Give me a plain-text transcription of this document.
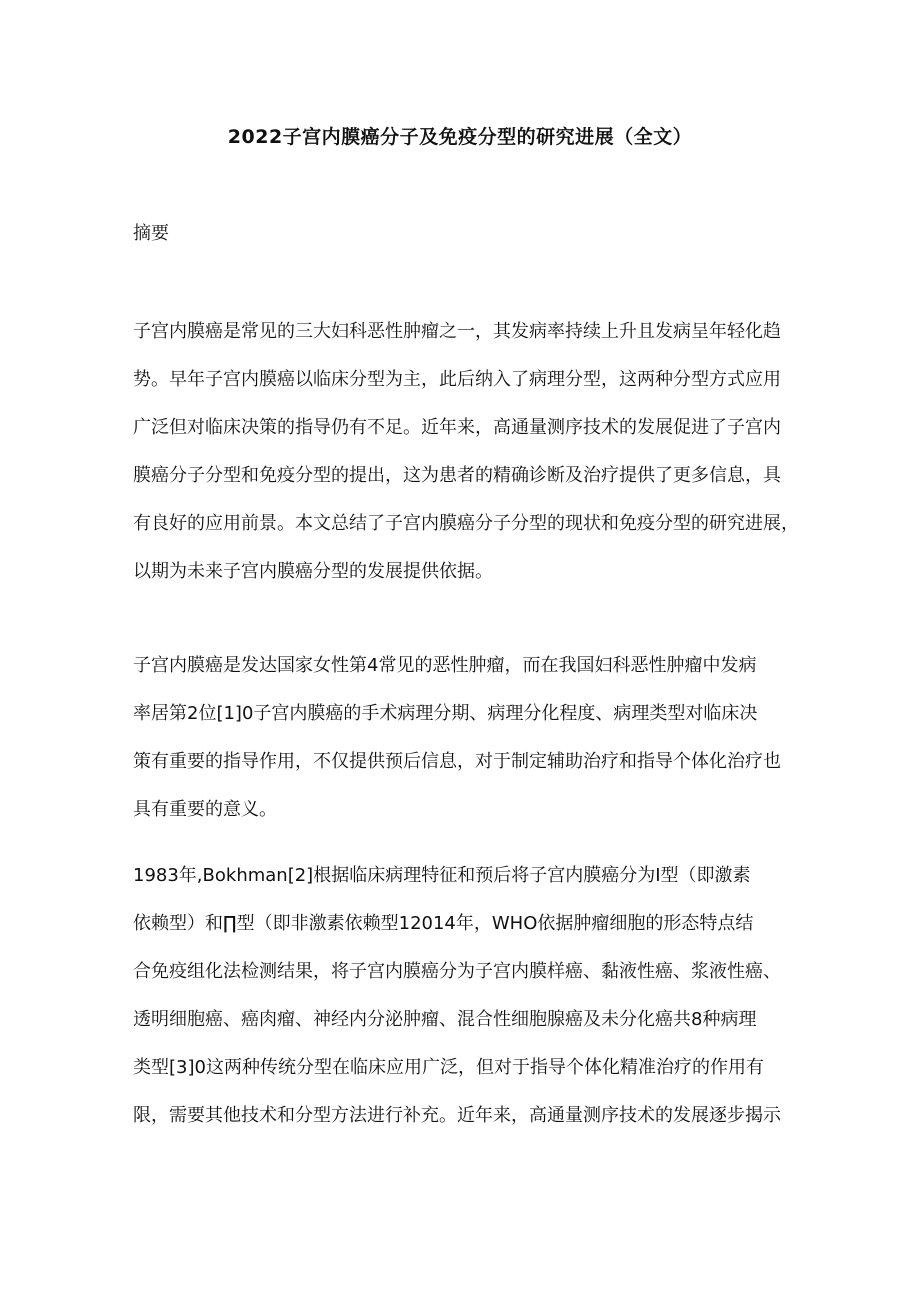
2022子宫内膜癌分子及免疫分型的研究进展（全文）
摘要
子宫内膜癌是常见的三大妇科恶性肿瘤之一，其发病率持续上升且发病呈年轻化趋
势。早年子宫内膜癌以临床分型为主，此后纳入了病理分型，这两种分型方式应用
广泛但对临床决策的指导仍有不足。近年来，高通量测序技术的发展促进了子宫内
膜癌分子分型和免疫分型的提出，这为患者的精确诊断及治疗提供了更多信息，具
有良好的应用前景。本文总结了子宫内膜癌分子分型的现状和免疫分型的研究进展，
以期为未来子宫内膜癌分型的发展提供依据。
子宫内膜癌是发达国家女性第4常见的恶性肿瘤，而在我国妇科恶性肿瘤中发病
率居第2位[1]0子宫内膜癌的手术病理分期、病理分化程度、病理类型对临床决
策有重要的指导作用，不仅提供预后信息，对于制定辅助治疗和指导个体化治疗也
具有重要的意义。
1983年,Bokhman[2]根据临床病理特征和预后将子宫内膜癌分为I型（即激素
依赖型）和∏型（即非激素依赖型12014年，WHO依据肿瘤细胞的形态特点结
合免疫组化法检测结果，将子宫内膜癌分为子宫内膜样癌、黏液性癌、浆液性癌、
透明细胞癌、癌肉瘤、神经内分泌肿瘤、混合性细胞腺癌及未分化癌共8种病理
类型[3]0这两种传统分型在临床应用广泛，但对于指导个体化精准治疗的作用有
限，需要其他技术和分型方法进行补充。近年来，高通量测序技术的发展逐步揭示
